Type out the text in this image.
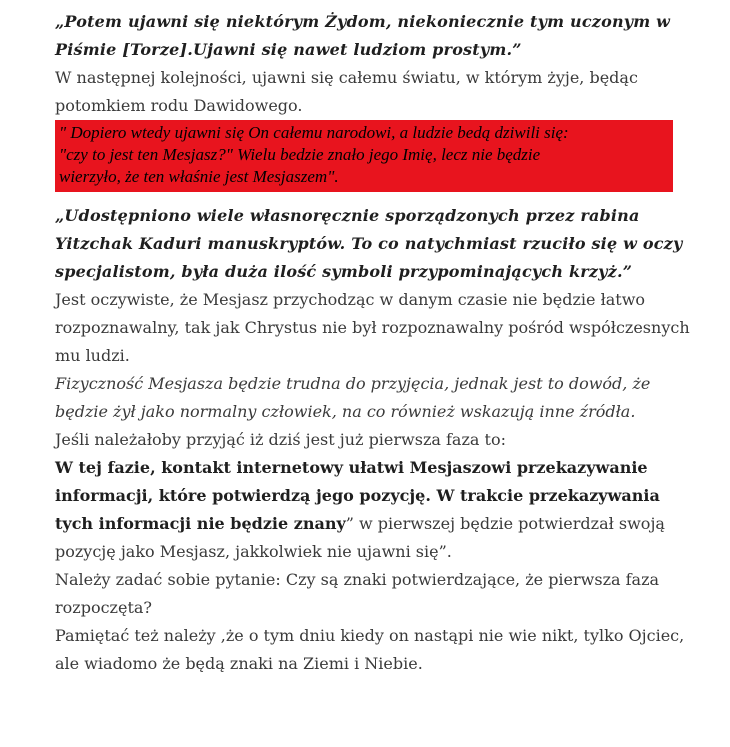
„Potem ujawni się niektórym Żydom, niekoniecznie tym uczonym w Piśmie [Torze].Ujawni się nawet ludziom prostym.”

W następnej kolejności, ujawni się całemu światu, w którym żyje, będąc potomkiem rodu Dawidowego.

" Dopiero wtedy ujawni się On całemu narodowi, a ludzie bedą dziwili się:
"czy to jest ten Mesjasz?" Wielu bedzie znało jego Imię, lecz nie będzie
wierzyło, że ten właśnie jest Mesjaszem".

„Udostępniono wiele własnoręcznie sporządzonych przez rabina Yitzchak Kaduri manuskryptów. To co natychmiast rzuciło się w oczy specjalistom, była duża ilość symboli przypominających krzyż.”

Jest oczywiste, że Mesjasz przychodząc w danym czasie nie będzie łatwo rozpoznawalny, tak jak Chrystus nie był rozpoznawalny pośród współczesnych mu ludzi.

Fizyczność Mesjasza będzie trudna do przyjęcia, jednak jest to dowód, że będzie żył jako normalny człowiek, na co również wskazują inne źródła.

Jeśli należałoby przyjąć iż dziś jest już pierwsza faza to:

W tej fazie, kontakt internetowy ułatwi Mesjaszowi przekazywanie informacji, które potwierdzą jego pozycję. W trakcie przekazywania tych informacji nie będzie znany” w pierwszej będzie potwierdzał swoją pozycję jako Mesjasz, jakkolwiek nie ujawni się”.

Należy zadać sobie pytanie: Czy są znaki potwierdzające, że pierwsza faza rozpoczęta?

Pamiętać też należy ,że o tym dniu kiedy on nastąpi nie wie nikt, tylko Ojciec, ale wiadomo że będą znaki na Ziemi i Niebie.
